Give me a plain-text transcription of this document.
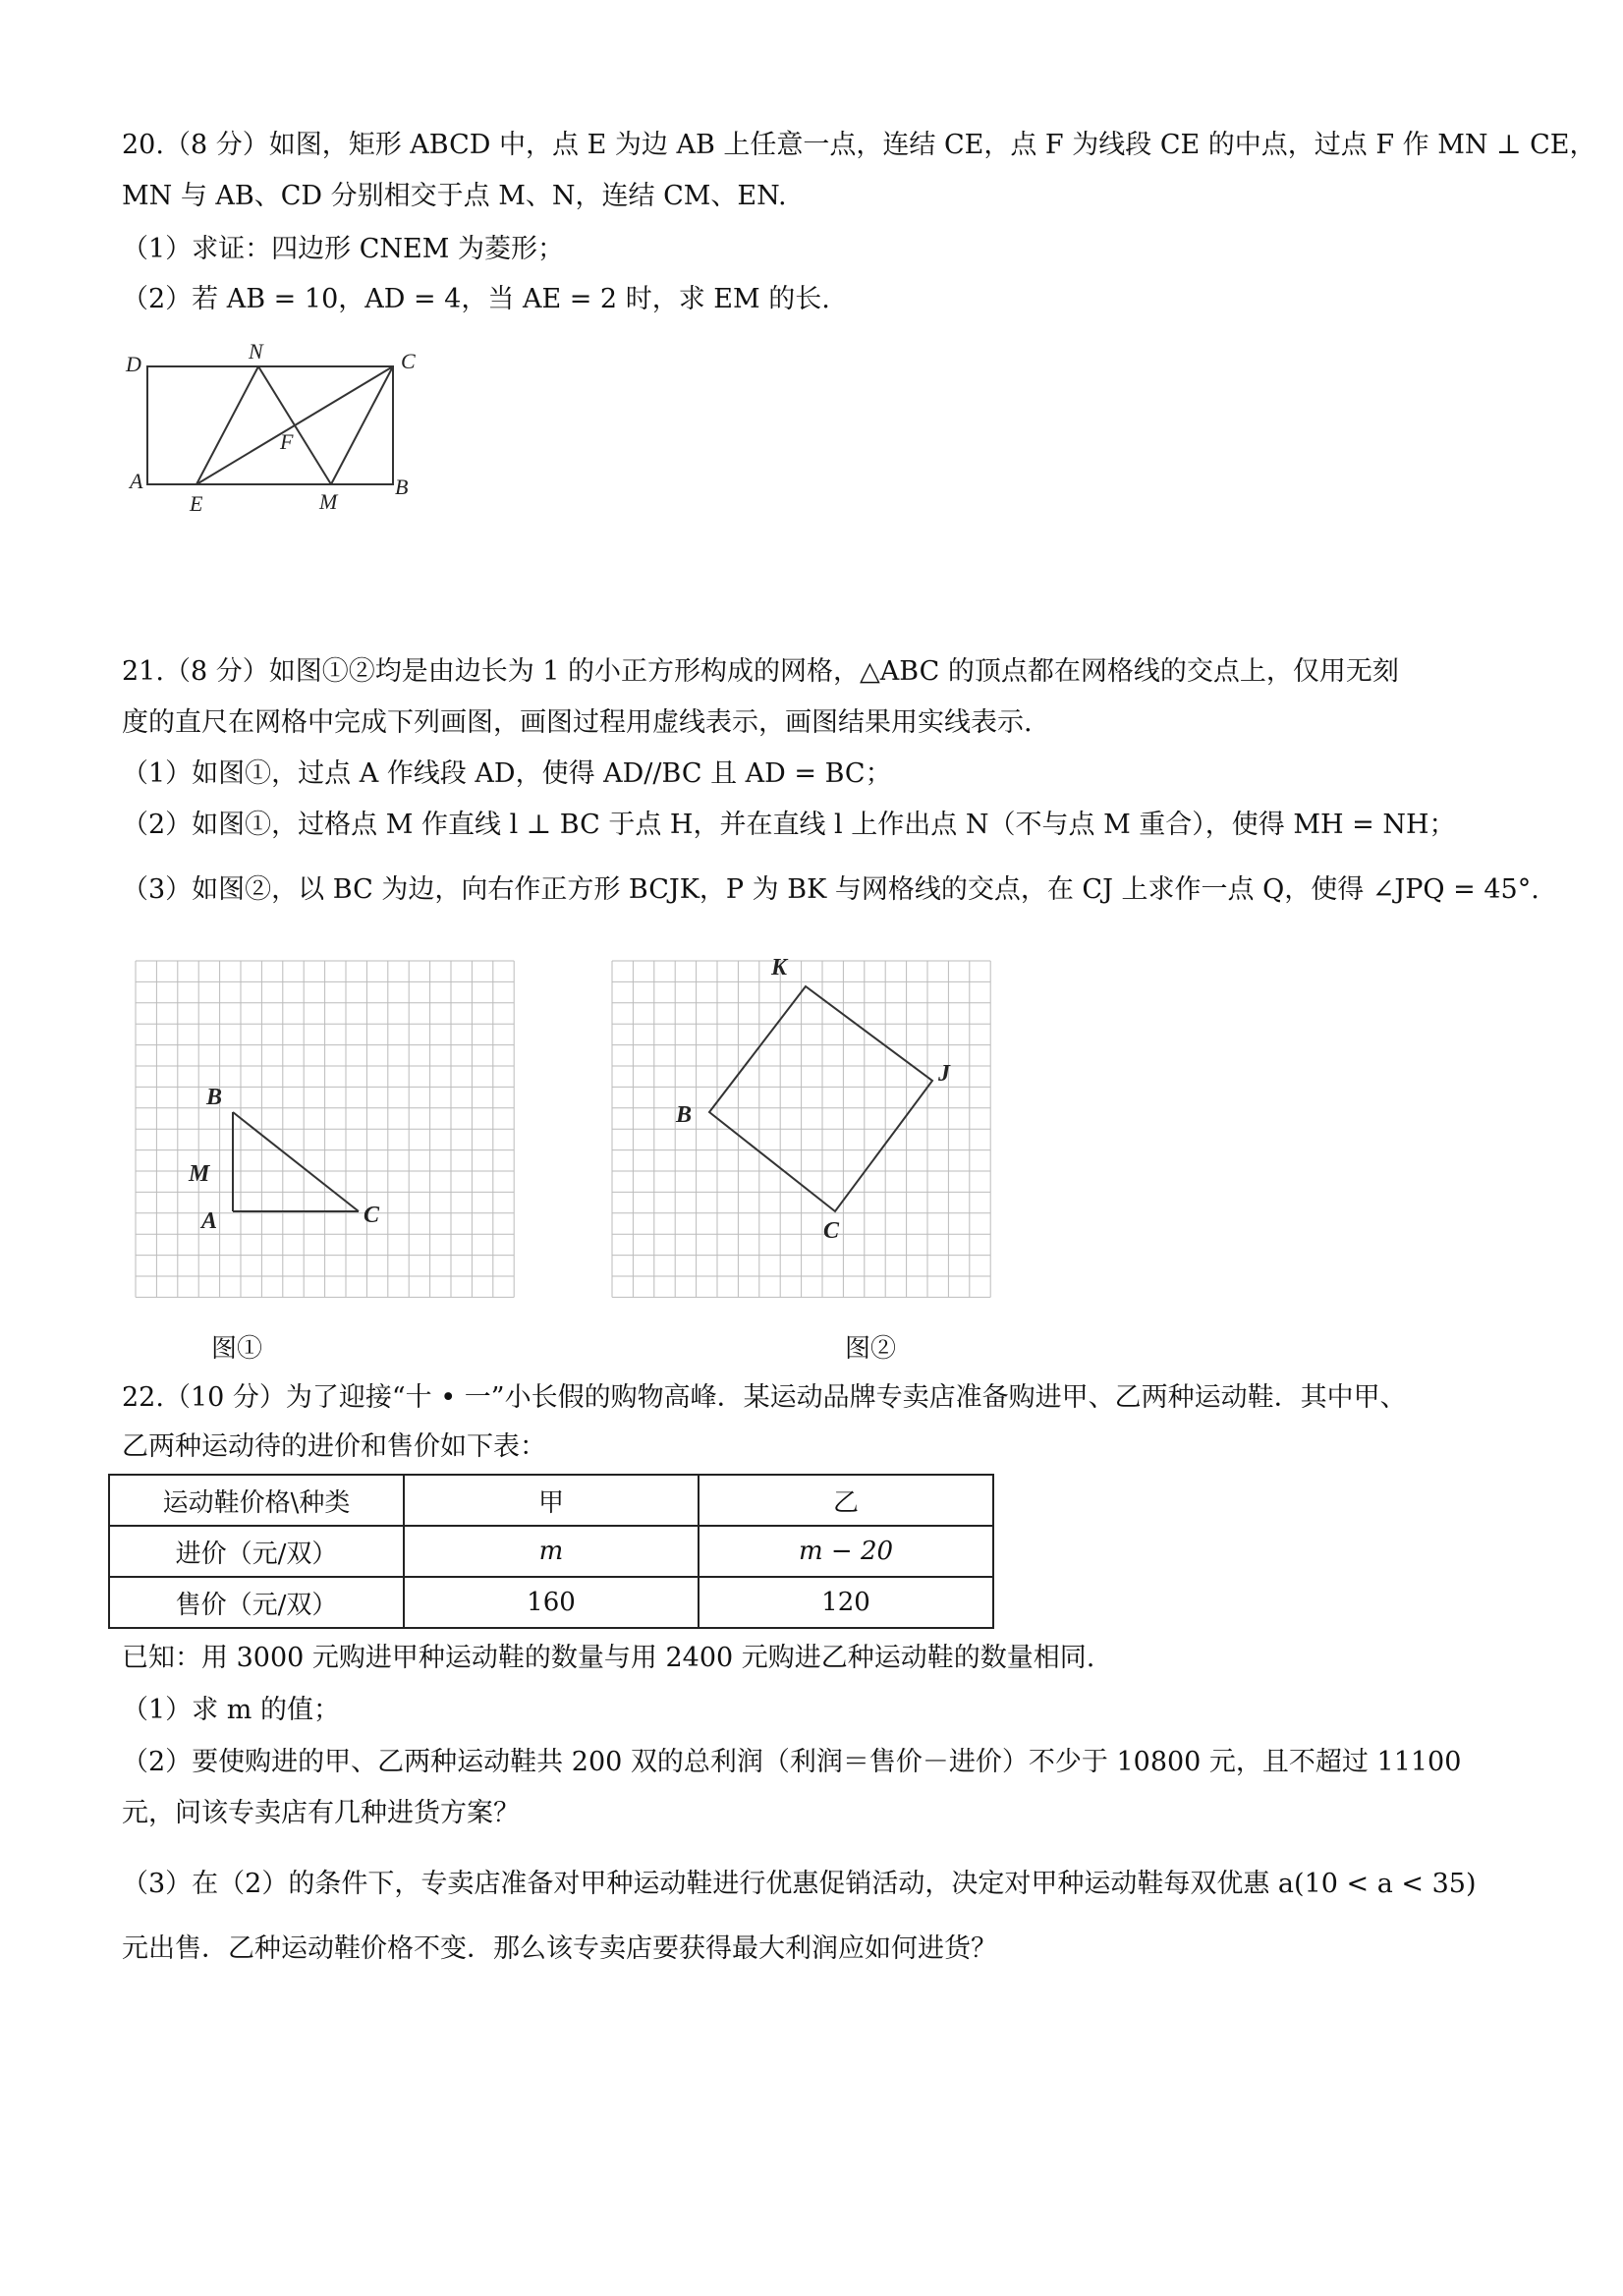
20.（8 分）如图，矩形 ABCD 中，点 E 为边 AB 上任意一点，连结 CE，点 F 为线段 CE 的中点，过点 F 作 MN ⊥ CE，
MN 与 AB、CD 分别相交于点 M、N，连结 CM、EN.
（1）求证：四边形 CNEM 为菱形；
（2）若 AB = 10，AD = 4，当 AE = 2 时，求 EM 的长.
D
N	C
F
A
E	M
B
21.（8 分）如图①②均是由边长为 1 的小正方形构成的网格，△ABC 的顶点都在网格线的交点上，仅用无刻
度的直尺在网格中完成下列画图，画图过程用虚线表示，画图结果用实线表示.
（1）如图①，过点 A 作线段 AD，使得 AD//BC 且 AD = BC；
（2）如图①，过格点 M 作直线 l ⊥ BC 于点 H，并在直线 l 上作出点 N（不与点 M 重合），使得 MH = NH；
（3）如图②，以 BC 为边，向右作正方形 BCJK，P 为 BK 与网格线的交点，在 CJ 上求作一点 Q，使得 ∠JPQ = 45°.
B
M
A	C
K
J
B
C
图①	图②
22.（10 分）为了迎接“十 • 一”小长假的购物高峰．某运动品牌专卖店准备购进甲、乙两种运动鞋．其中甲、
乙两种运动待的进价和售价如下表：
运动鞋价格\种类	甲	乙
进价（元/双）	m	m − 20
售价（元/双）	160	120
已知：用 3000 元购进甲种运动鞋的数量与用 2400 元购进乙种运动鞋的数量相同.
（1）求 m 的值；
（2）要使购进的甲、乙两种运动鞋共 200 双的总利润（利润＝售价－进价）不少于 10800 元，且不超过 11100
元，问该专卖店有几种进货方案？
（3）在（2）的条件下，专卖店准备对甲种运动鞋进行优惠促销活动，决定对甲种运动鞋每双优惠 a(10 < a < 35)
元出售．乙种运动鞋价格不变．那么该专卖店要获得最大利润应如何进货？
